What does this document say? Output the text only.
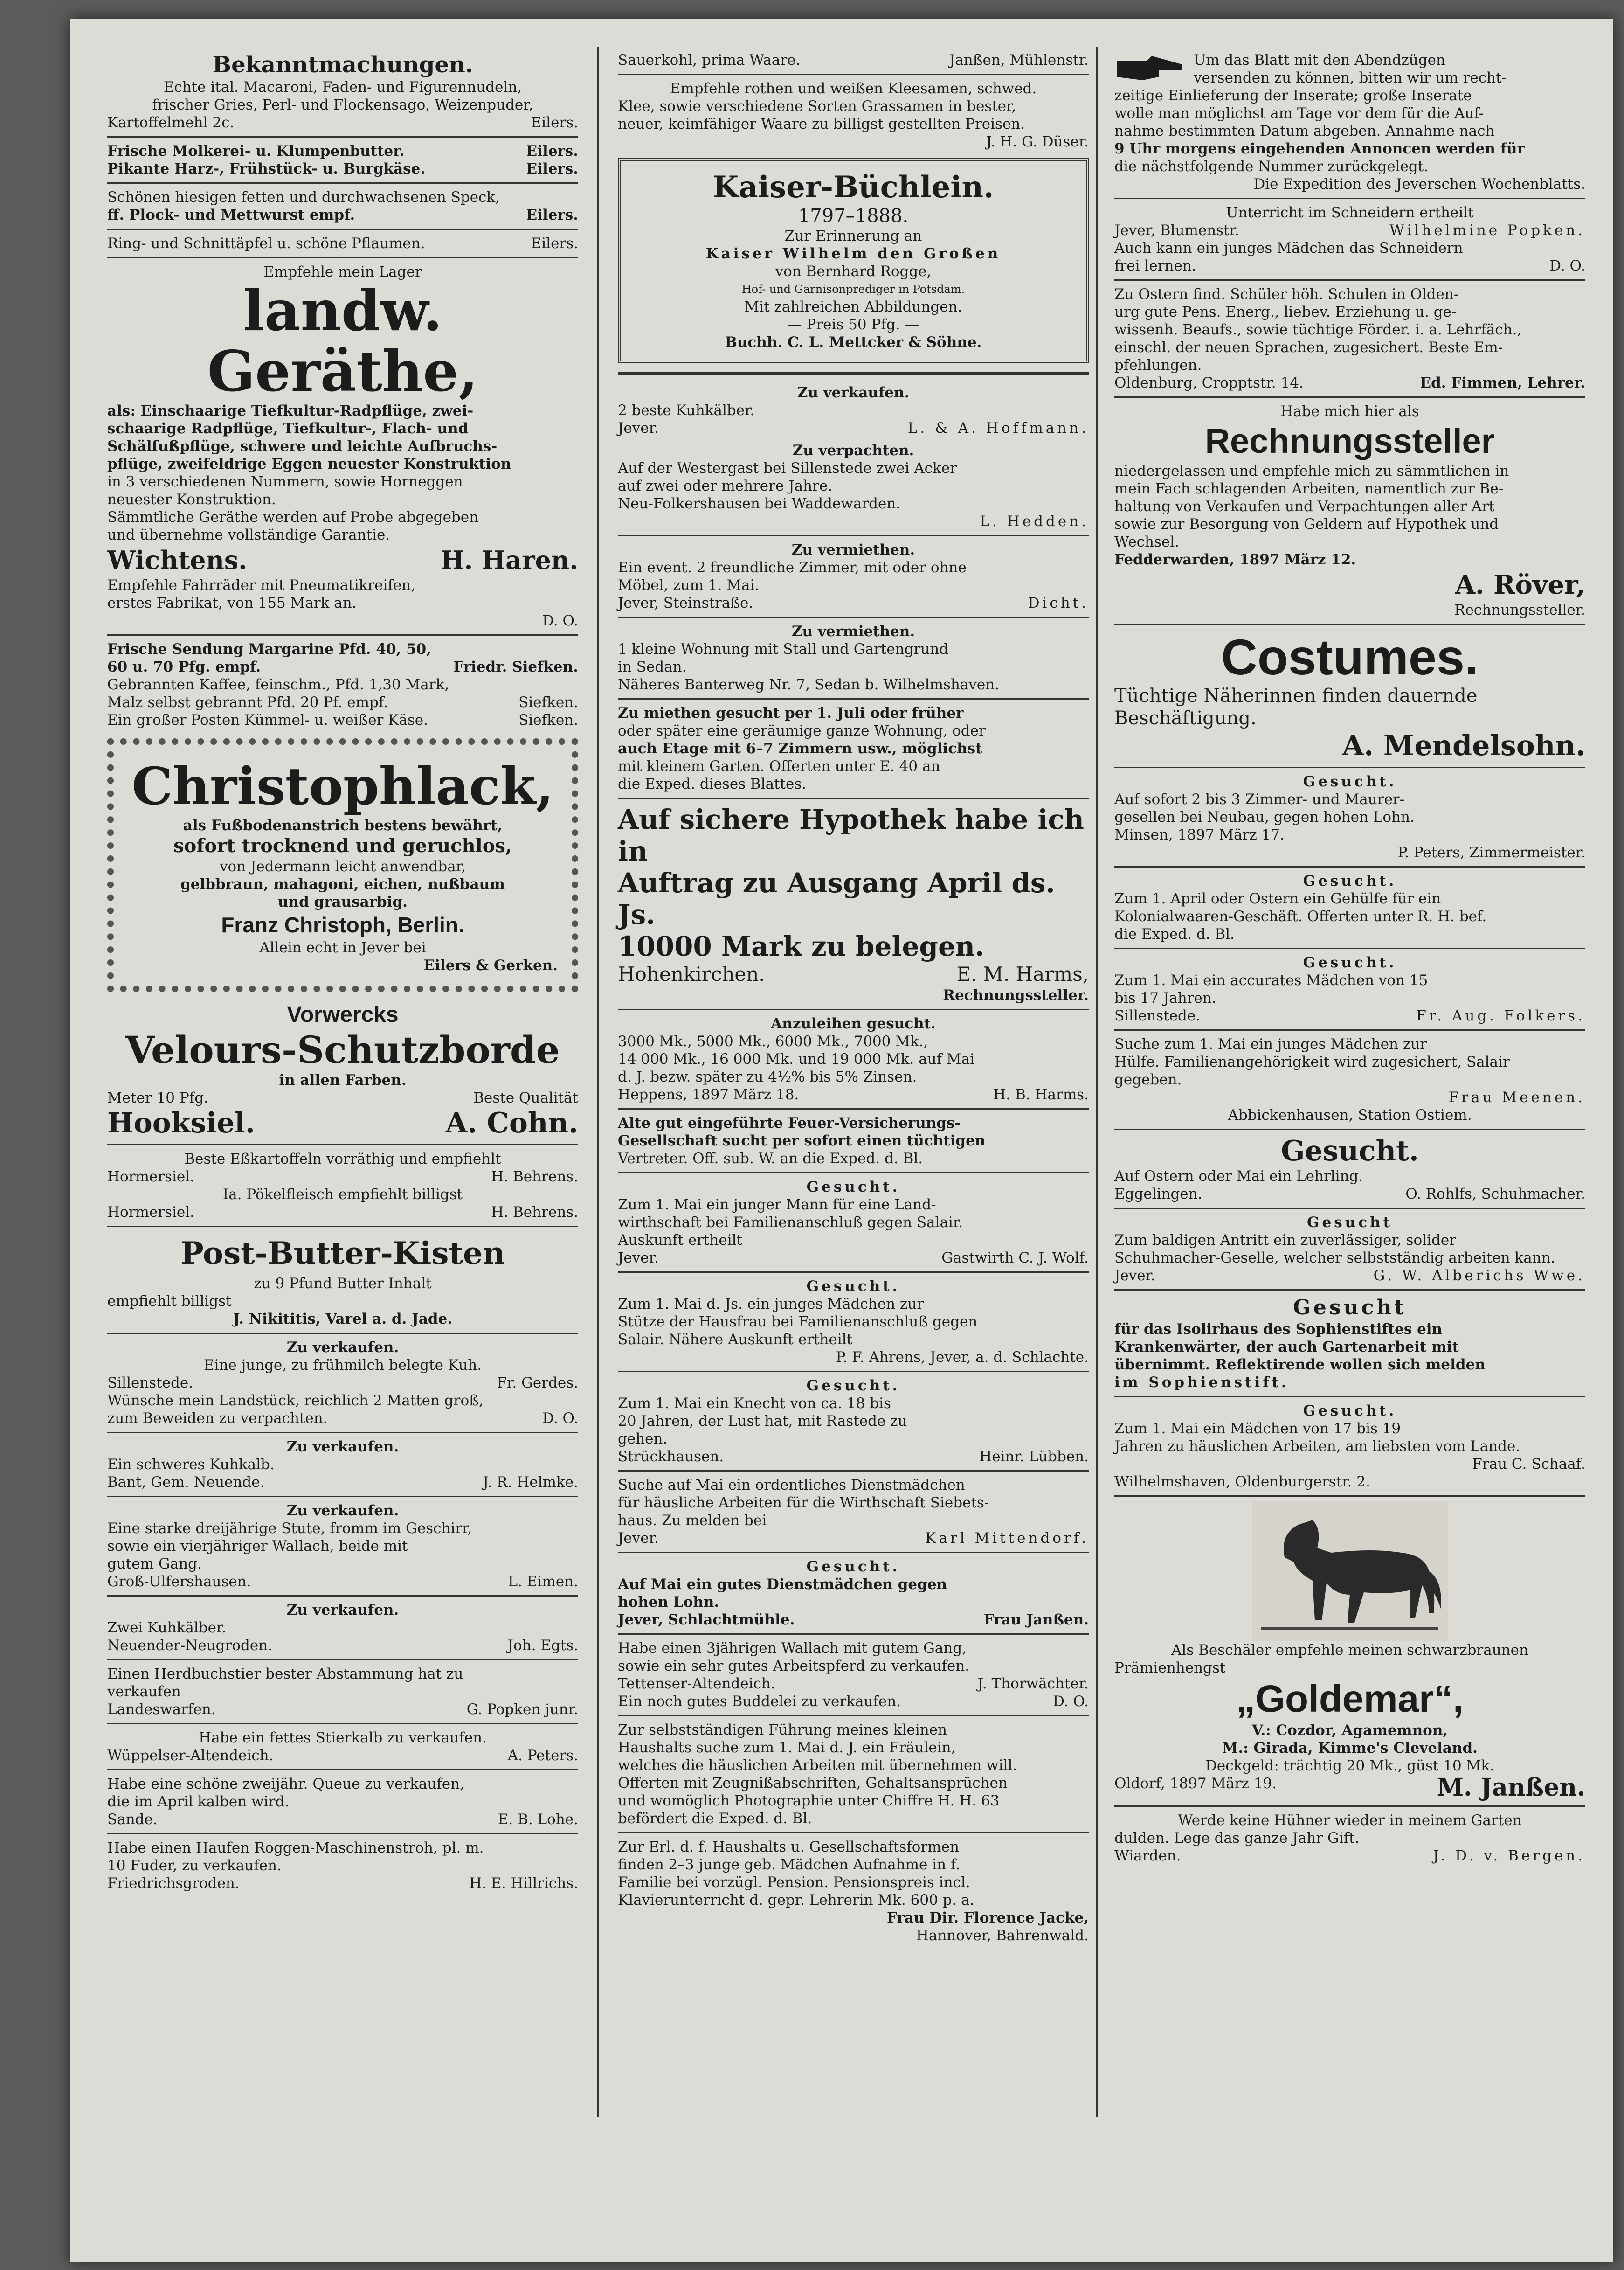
Bekanntmachungen.

Echte ital. Macaroni, Faden- und Figurennudeln,

frischer Gries, Perl- und Flockensago, Weizenpuder,

Kartoffelmehl 2c.	Eilers.
Frische Molkerei- u. Klumpenbutter.	Eilers.
Pikante Harz-, Frühstück- u. Burgkäse.	Eilers.

Schönen hiesigen fetten und durchwachsenen Speck,

ff. Plock- und Mettwurst empf.	Eilers.
Ring- und Schnittäpfel u. schöne Pflaumen.	Eilers.

Empfehle mein Lager

landw. Geräthe,

als: Einschaarige Tiefkultur-Radpflüge, zwei-

schaarige Radpflüge, Tiefkultur-, Flach- und

Schälfußpflüge, schwere und leichte Aufbruchs-

pflüge, zweifeldrige Eggen neuester Konstruktion

in 3 verschiedenen Nummern, sowie Horneggen

neuester Konstruktion.

Sämmtliche Geräthe werden auf Probe abgegeben

und übernehme vollständige Garantie.

Wichtens.	H. Haren.

Empfehle Fahrräder mit Pneumatikreifen,

erstes Fabrikat, von 155 Mark an.

D. O.

Frische Sendung Margarine Pfd. 40, 50,

60 u. 70 Pfg. empf.	Friedr. Siefken.

Gebrannten Kaffee, feinschm., Pfd. 1,30 Mark,

Malz selbst gebrannt Pfd. 20 Pf. empf.	Siefken.
Ein großer Posten Kümmel- u. weißer Käse.	Siefken.
Christophlack,

als Fußbodenanstrich bestens bewährt,

sofort trocknend und geruchlos,

von Jedermann leicht anwendbar,

gelbbraun, mahagoni, eichen, nußbaum

und grausarbig.

Franz Christoph, Berlin.

Allein echt in Jever bei

Eilers & Gerken.

Vorwercks
Velours-Schutzborde

in allen Farben.

Meter 10 Pfg.	Beste Qualität
Hooksiel.	A. Cohn.

Beste Eßkartoffeln vorräthig und empfiehlt

Hormersiel.	H. Behrens.

Ia. Pökelfleisch empfiehlt billigst

Hormersiel.	H. Behrens.
Post-Butter-Kisten

zu 9 Pfund Butter Inhalt

empfiehlt billigst

J. Nikititis, Varel a. d. Jade.

Zu verkaufen.

Eine junge, zu frühmilch belegte Kuh.

Sillenstede.	Fr. Gerdes.

Wünsche mein Landstück, reichlich 2 Matten groß,

zum Beweiden zu verpachten.	D. O.

Zu verkaufen.

Ein schweres Kuhkalb.

Bant, Gem. Neuende.	J. R. Helmke.

Zu verkaufen.

Eine starke dreijährige Stute, fromm im Geschirr,

sowie ein vierjähriger Wallach, beide mit

gutem Gang.

Groß-Ulfershausen.	L. Eimen.

Zu verkaufen.

Zwei Kuhkälber.

Neuender-Neugroden.	Joh. Egts.

Einen Herdbuchstier bester Abstammung hat zu

verkaufen

Landeswarfen.	G. Popken junr.

Habe ein fettes Stierkalb zu verkaufen.

Wüppelser-Altendeich.	A. Peters.

Habe eine schöne zweijähr. Queue zu verkaufen,

die im April kalben wird.

Sande.	E. B. Lohe.

Habe einen Haufen Roggen-Maschinenstroh, pl. m.

10 Fuder, zu verkaufen.

Friedrichsgroden.	H. E. Hillrichs.
Sauerkohl, prima Waare.	Janßen, Mühlenstr.

Empfehle rothen und weißen Kleesamen, schwed.

Klee, sowie verschiedene Sorten Grassamen in bester,

neuer, keimfähiger Waare zu billigst gestellten Preisen.

J. H. G. Düser.

Kaiser-Büchlein.

1797–1888.

Zur Erinnerung an

Kaiser Wilhelm den Großen

von Bernhard Rogge,

Hof- und Garnisonprediger in Potsdam.

Mit zahlreichen Abbildungen.

— Preis 50 Pfg. —

Buchh. C. L. Mettcker & Söhne.

Zu verkaufen.

2 beste Kuhkälber.

Jever.	L. & A. Hoffmann.

Zu verpachten.

Auf der Westergast bei Sillenstede zwei Acker

auf zwei oder mehrere Jahre.

Neu-Folkershausen bei Waddewarden.

L. Hedden.

Zu vermiethen.

Ein event. 2 freundliche Zimmer, mit oder ohne

Möbel, zum 1. Mai.

Jever, Steinstraße.	Dicht.

Zu vermiethen.

1 kleine Wohnung mit Stall und Gartengrund

in Sedan.

Näheres Banterweg Nr. 7, Sedan b. Wilhelmshaven.

Zu miethen gesucht per 1. Juli oder früher

oder später eine geräumige ganze Wohnung, oder

auch Etage mit 6–7 Zimmern usw., möglichst

mit kleinem Garten. Offerten unter E. 40 an

die Exped. dieses Blattes.

Auf sichere Hypothek habe ich in

Auftrag zu Ausgang April ds. Js.

10000 Mark zu belegen.

Hohenkirchen.	E. M. Harms,

Rechnungssteller.

Anzuleihen gesucht.

3000 Mk., 5000 Mk., 6000 Mk., 7000 Mk.,

14 000 Mk., 16 000 Mk. und 19 000 Mk. auf Mai

d. J. bezw. später zu 4½% bis 5% Zinsen.

Heppens, 1897 März 18.	H. B. Harms.

Alte gut eingeführte Feuer-Versicherungs-

Gesellschaft sucht per sofort einen tüchtigen

Vertreter. Off. sub. W. an die Exped. d. Bl.

Gesucht.

Zum 1. Mai ein junger Mann für eine Land-

wirthschaft bei Familienanschluß gegen Salair.

Auskunft ertheilt

Jever.	Gastwirth C. J. Wolf.

Gesucht.

Zum 1. Mai d. Js. ein junges Mädchen zur

Stütze der Hausfrau bei Familienanschluß gegen

Salair. Nähere Auskunft ertheilt

P. F. Ahrens, Jever, a. d. Schlachte.

Gesucht.

Zum 1. Mai ein Knecht von ca. 18 bis

20 Jahren, der Lust hat, mit Rastede zu

gehen.

Strückhausen.	Heinr. Lübben.

Suche auf Mai ein ordentliches Dienstmädchen

für häusliche Arbeiten für die Wirthschaft Siebets-

haus. Zu melden bei

Jever.	Karl Mittendorf.

Gesucht.

Auf Mai ein gutes Dienstmädchen gegen

hohen Lohn.

Jever, Schlachtmühle.	Frau Janßen.

Habe einen 3jährigen Wallach mit gutem Gang,

sowie ein sehr gutes Arbeitspferd zu verkaufen.

Tettenser-Altendeich.	J. Thorwächter.
Ein noch gutes Buddelei zu verkaufen.	D. O.

Zur selbstständigen Führung meines kleinen

Haushalts suche zum 1. Mai d. J. ein Fräulein,

welches die häuslichen Arbeiten mit übernehmen will.

Offerten mit Zeugnißabschriften, Gehaltsansprüchen

und womöglich Photographie unter Chiffre H. H. 63

befördert die Exped. d. Bl.

Zur Erl. d. f. Haushalts u. Gesellschaftsformen

finden 2–3 junge geb. Mädchen Aufnahme in f.

Familie bei vorzügl. Pension. Pensionspreis incl.

Klavierunterricht d. gepr. Lehrerin Mk. 600 p. a.

Frau Dir. Florence Jacke,

Hannover, Bahrenwald.

Um das Blatt mit den Abendzügen

versenden zu können, bitten wir um recht-

zeitige Einlieferung der Inserate; große Inserate

wolle man möglichst am Tage vor dem für die Auf-

nahme bestimmten Datum abgeben. Annahme nach

9 Uhr morgens eingehenden Annoncen werden für

die nächstfolgende Nummer zurückgelegt.

Die Expedition des Jeverschen Wochenblatts.

Unterricht im Schneidern ertheilt

Jever, Blumenstr.	Wilhelmine Popken.

Auch kann ein junges Mädchen das Schneidern

frei lernen.	D. O.

Zu Ostern find. Schüler höh. Schulen in Olden-

urg gute Pens. Energ., liebev. Erziehung u. ge-

wissenh. Beaufs., sowie tüchtige Förder. i. a. Lehrfäch.,

einschl. der neuen Sprachen, zugesichert. Beste Em-

pfehlungen.

Oldenburg, Cropptstr. 14.	Ed. Fimmen, Lehrer.

Habe mich hier als

Rechnungssteller

niedergelassen und empfehle mich zu sämmtlichen in

mein Fach schlagenden Arbeiten, namentlich zur Be-

haltung von Verkaufen und Verpachtungen aller Art

sowie zur Besorgung von Geldern auf Hypothek und

Wechsel.

Fedderwarden, 1897 März 12.

A. Röver,

Rechnungssteller.

Costumes.

Tüchtige Näherinnen finden dauernde

Beschäftigung.

A. Mendelsohn.

Gesucht.

Auf sofort 2 bis 3 Zimmer- und Maurer-

gesellen bei Neubau, gegen hohen Lohn.

Minsen, 1897 März 17.

P. Peters, Zimmermeister.

Gesucht.

Zum 1. April oder Ostern ein Gehülfe für ein

Kolonialwaaren-Geschäft. Offerten unter R. H. bef.

die Exped. d. Bl.

Gesucht.

Zum 1. Mai ein accurates Mädchen von 15

bis 17 Jahren.

Sillenstede.	Fr. Aug. Folkers.

Suche zum 1. Mai ein junges Mädchen zur

Hülfe. Familienangehörigkeit wird zugesichert, Salair

gegeben.

Frau Meenen.

Abbickenhausen, Station Ostiem.

Gesucht.

Auf Ostern oder Mai ein Lehrling.

Eggelingen.	O. Rohlfs, Schuhmacher.

Gesucht

Zum baldigen Antritt ein zuverlässiger, solider

Schuhmacher-Geselle, welcher selbstständig arbeiten kann.

Jever.	G. W. Alberichs Wwe.

Gesucht

für das Isolirhaus des Sophienstiftes ein

Krankenwärter, der auch Gartenarbeit mit

übernimmt. Reflektirende wollen sich melden

im Sophienstift.

Gesucht.

Zum 1. Mai ein Mädchen von 17 bis 19

Jahren zu häuslichen Arbeiten, am liebsten vom Lande.

Frau C. Schaaf.

Wilhelmshaven, Oldenburgerstr. 2.

Als Beschäler empfehle meinen schwarzbraunen

Prämienhengst

„Goldemar“,

V.: Cozdor, Agamemnon,

M.: Girada, Kimme's Cleveland.

Deckgeld: trächtig 20 Mk., güst 10 Mk.

Oldorf, 1897 März 19.	M. Janßen.

Werde keine Hühner wieder in meinem Garten

dulden. Lege das ganze Jahr Gift.

Wiarden.	J. D. v. Bergen.
